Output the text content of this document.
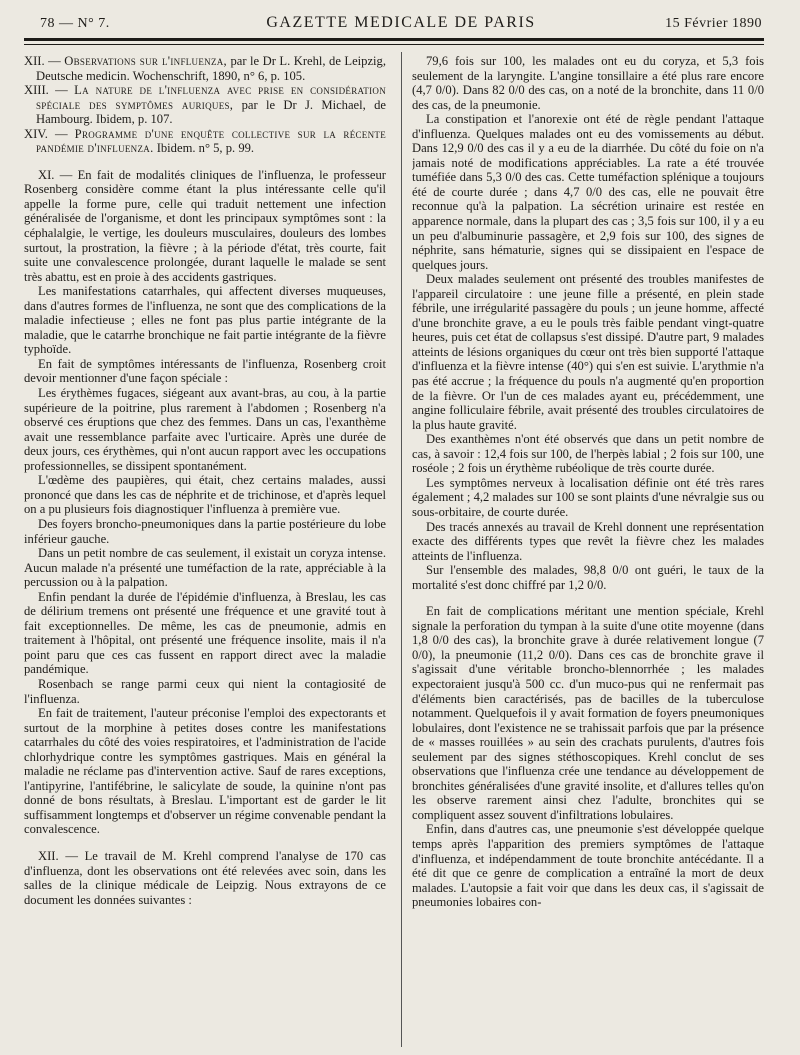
78 — N° 7.	GAZETTE MEDICALE DE PARIS	15 Février 1890

XII. — Observations sur l'influenza, par le Dr L. Krehl, de Leipzig, Deutsche medicin. Wochenschrift, 1890, n° 6, p. 105.

XIII. — La nature de l'influenza avec prise en considération spéciale des symptômes auriques, par le Dr J. Michael, de Hambourg. Ibidem, p. 107.

XIV. — Programme d'une enquête collective sur la récente pandémie d'influenza. Ibidem. n° 5, p. 99.

XI. — En fait de modalités cliniques de l'influenza, le professeur Rosenberg considère comme étant la plus intéressante celle qu'il appelle la forme pure, celle qui traduit nettement une infection généralisée de l'organisme, et dont les principaux symptômes sont : la céphalalgie, le vertige, les douleurs musculaires, douleurs des lombes surtout, la prostration, la fièvre ; à la période d'état, très courte, fait suite une convalescence prolongée, durant laquelle le malade se sent très abattu, est en proie à des accidents gastriques.

Les manifestations catarrhales, qui affectent diverses muqueuses, dans d'autres formes de l'influenza, ne sont que des complications de la maladie infectieuse ; elles ne font pas plus partie intégrante de la maladie, que le catarrhe bronchique ne fait partie intégrante de la fièvre typhoïde.

En fait de symptômes intéressants de l'influenza, Rosenberg croit devoir mentionner d'une façon spéciale :

Les érythèmes fugaces, siégeant aux avant-bras, au cou, à la partie supérieure de la poitrine, plus rarement à l'abdomen ; Rosenberg n'a observé ces éruptions que chez des femmes. Dans un cas, l'exanthème avait une ressemblance parfaite avec l'urticaire. Après une durée de deux jours, ces érythèmes, qui n'ont aucun rapport avec les occupations professionnelles, se dissipent spontanément.

L'œdème des paupières, qui était, chez certains malades, aussi prononcé que dans les cas de néphrite et de trichinose, et d'après lequel on a pu plusieurs fois diagnostiquer l'influenza à première vue.

Des foyers broncho-pneumoniques dans la partie postérieure du lobe inférieur gauche.

Dans un petit nombre de cas seulement, il existait un coryza intense. Aucun malade n'a présenté une tuméfaction de la rate, appréciable à la percussion ou à la palpation.

Enfin pendant la durée de l'épidémie d'influenza, à Breslau, les cas de délirium tremens ont présenté une fréquence et une gravité tout à fait exceptionnelles. De même, les cas de pneumonie, admis en traitement à l'hôpital, ont présenté une fréquence insolite, mais il n'a point paru que ces cas fussent en rapport direct avec la maladie pandémique.

Rosenbach se range parmi ceux qui nient la contagiosité de l'influenza.

En fait de traitement, l'auteur préconise l'emploi des expectorants et surtout de la morphine à petites doses contre les manifestations catarrhales du côté des voies respiratoires, et l'administration de l'acide chlorhydrique contre les symptômes gastriques. Mais en général la maladie ne réclame pas d'intervention active. Sauf de rares exceptions, l'antipyrine, l'antifébrine, le salicylate de soude, la quinine n'ont pas donné de bons résultats, à Breslau. L'important est de garder le lit suffisamment longtemps et d'observer un régime convenable pendant la convalescence.

XII. — Le travail de M. Krehl comprend l'analyse de 170 cas d'influenza, dont les observations ont été relevées avec soin, dans les salles de la clinique médicale de Leipzig. Nous extrayons de ce document les données suivantes :

79,6 fois sur 100, les malades ont eu du coryza, et 5,3 fois seulement de la laryngite. L'angine tonsillaire a été plus rare encore (4,7 0/0). Dans 82 0/0 des cas, on a noté de la bronchite, dans 11 0/0 des cas, de la pneumonie.

La constipation et l'anorexie ont été de règle pendant l'attaque d'influenza. Quelques malades ont eu des vomissements au début. Dans 12,9 0/0 des cas il y a eu de la diarrhée. Du côté du foie on n'a jamais noté de modifications appréciables. La rate a été trouvée tuméfiée dans 5,3 0/0 des cas. Cette tuméfaction splénique a toujours été de courte durée ; dans 4,7 0/0 des cas, elle ne pouvait être reconnue qu'à la palpation. La sécrétion urinaire est restée en apparence normale, dans la plupart des cas ; 3,5 fois sur 100, il y a eu un peu d'albuminurie passagère, et 2,9 fois sur 100, des signes de néphrite, sans hématurie, signes qui se dissipaient en l'espace de quelques jours.

Deux malades seulement ont présenté des troubles manifestes de l'appareil circulatoire : une jeune fille a présenté, en plein stade fébrile, une irrégularité passagère du pouls ; un jeune homme, affecté d'une bronchite grave, a eu le pouls très faible pendant vingt-quatre heures, puis cet état de collapsus s'est dissipé. D'autre part, 9 malades atteints de lésions organiques du cœur ont très bien supporté l'attaque d'influenza et la fièvre intense (40°) qui s'en est suivie. L'arythmie n'a pas été accrue ; la fréquence du pouls n'a augmenté qu'en proportion de la fièvre. Or l'un de ces malades ayant eu, précédemment, une angine folliculaire fébrile, avait présenté des troubles circulatoires de la plus haute gravité.

Des exanthèmes n'ont été observés que dans un petit nombre de cas, à savoir : 12,4 fois sur 100, de l'herpès labial ; 2 fois sur 100, une roséole ; 2 fois un érythème rubéolique de très courte durée.

Les symptômes nerveux à localisation définie ont été très rares également ; 4,2 malades sur 100 se sont plaints d'une névralgie sus ou sous-orbitaire, de courte durée.

Des tracés annexés au travail de Krehl donnent une représentation exacte des différents types que revêt la fièvre chez les malades atteints de l'influenza.

Sur l'ensemble des malades, 98,8 0/0 ont guéri, le taux de la mortalité s'est donc chiffré par 1,2 0/0.

En fait de complications méritant une mention spéciale, Krehl signale la perforation du tympan à la suite d'une otite moyenne (dans 1,8 0/0 des cas), la bronchite grave à durée relativement longue (7 0/0), la pneumonie (11,2 0/0). Dans ces cas de bronchite grave il s'agissait d'une véritable broncho-blennorrhée ; les malades expectoraient jusqu'à 500 cc. d'un muco-pus qui ne renfermait pas d'éléments bien caractérisés, pas de bacilles de la tuberculose notamment. Quelquefois il y avait formation de foyers pneumoniques lobulaires, dont l'existence ne se trahissait parfois que par la présence de « masses rouillées » au sein des crachats purulents, d'autres fois seulement par des signes stéthoscopiques. Krehl conclut de ses observations que l'influenza crée une tendance au développement de bronchites généralisées d'une gravité insolite, et d'allures telles qu'on les observe rarement ainsi chez l'adulte, bronchites qui se compliquent assez souvent d'infiltrations lobulaires.

Enfin, dans d'autres cas, une pneumonie s'est développée quelque temps après l'apparition des premiers symptômes de l'attaque d'influenza, et indépendamment de toute bronchite antécédante. Il a été dit que ce genre de complication a entraîné la mort de deux malades. L'autopsie a fait voir que dans les deux cas, il s'agissait de pneumonies lobaires con-
